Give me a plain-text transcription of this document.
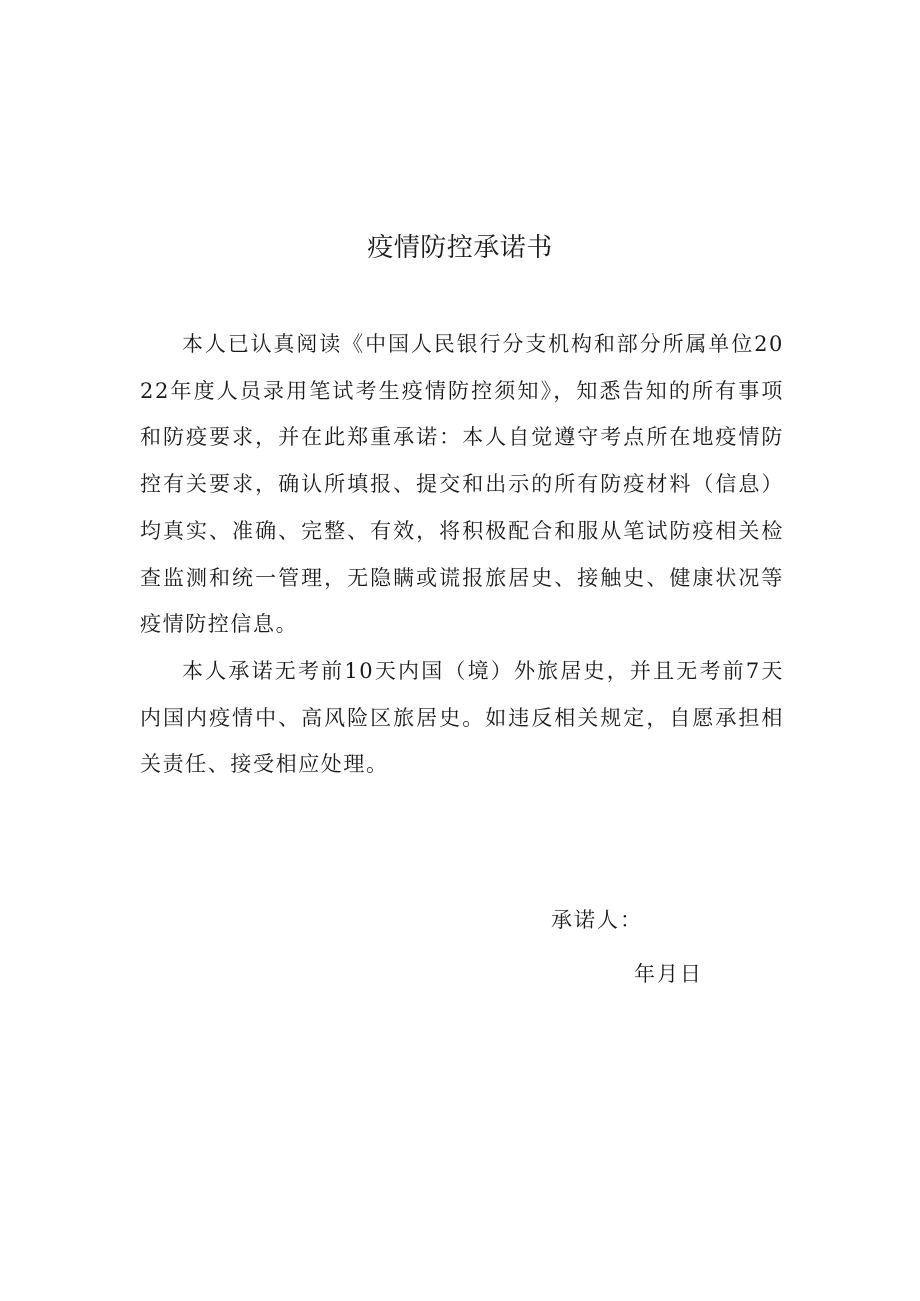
疫情防控承诺书

本人已认真阅读《中国人民银行分支机构和部分所属单位2022年度人员录用笔试考生疫情防控须知》，知悉告知的所有事项和防疫要求，并在此郑重承诺：本人自觉遵守考点所在地疫情防控有关要求，确认所填报、提交和出示的所有防疫材料（信息）均真实、准确、完整、有效，将积极配合和服从笔试防疫相关检查监测和统一管理，无隐瞒或谎报旅居史、接触史、健康状况等疫情防控信息。

本人承诺无考前10天内国（境）外旅居史，并且无考前7天内国内疫情中、高风险区旅居史。如违反相关规定，自愿承担相关责任、接受相应处理。

承诺人：
年月日
